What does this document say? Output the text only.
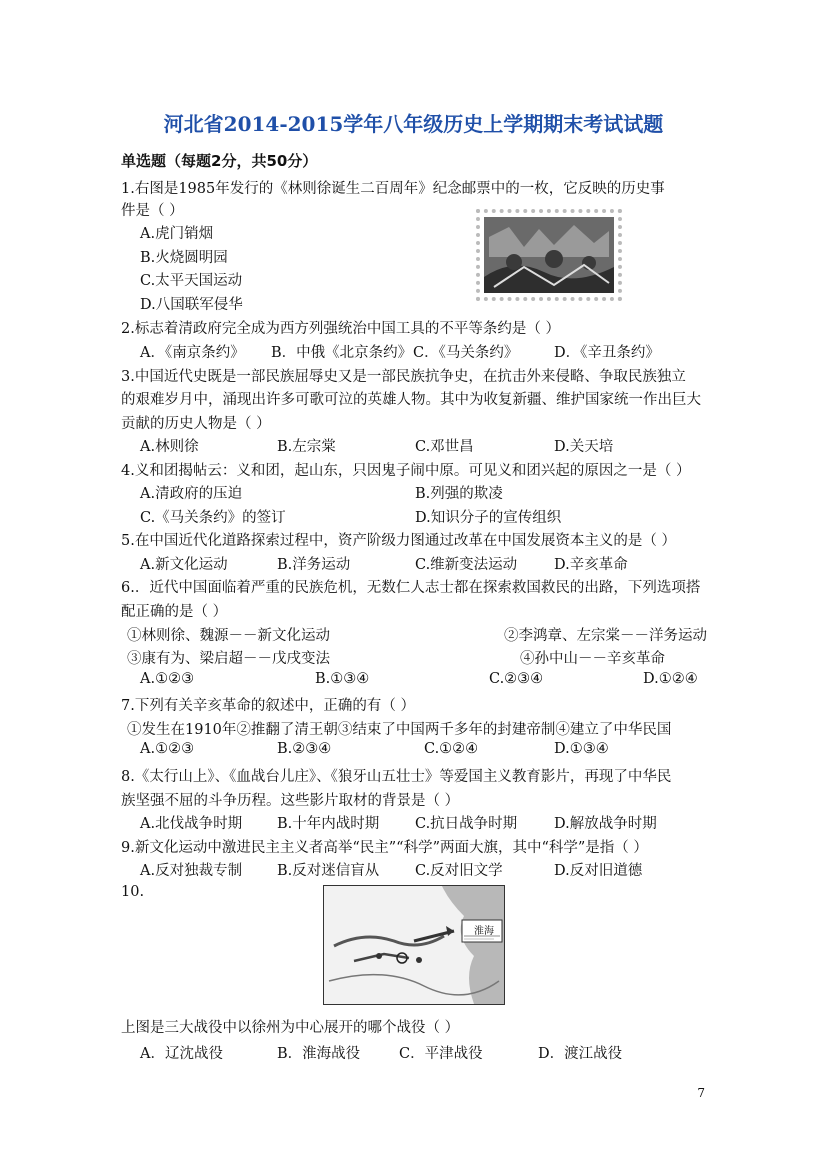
河北省2014-2015学年八年级历史上学期期末考试试题
单选题（每题2分，共50分）
1.右图是1985年发行的《林则徐诞生二百周年》纪念邮票中的一枚，它反映的历史事
件是（ ）
A.虎门销烟
B.火烧圆明园
C.太平天国运动
D.八国联军侵华
2.标志着清政府完全成为西方列强统治中国工具的不平等条约是（ ）
A．《南京条约》 B．中俄《北京条约》 C．《马关条约》 D．《辛丑条约》
3.中国近代史既是一部民族屈辱史又是一部民族抗争史，在抗击外来侵略、争取民族独立
的艰难岁月中，涌现出许多可歌可泣的英雄人物。其中为收复新疆、维护国家统一作出巨大
贡献的历史人物是（ ）
A.林则徐	B.左宗棠	C.邓世昌	D.关天培
4.义和团揭帖云：义和团，起山东，只因鬼子闹中原。可见义和团兴起的原因之一是（ ）
A.清政府的压迫	B.列强的欺凌
C.《马关条约》的签订	D.知识分子的宣传组织
5.在中国近代化道路探索过程中，资产阶级力图通过改革在中国发展资本主义的是（ ）
A.新文化运动	B.洋务运动	C.维新变法运动	D.辛亥革命
6.．近代中国面临着严重的民族危机，无数仁人志士都在探索救国救民的出路，下列选项搭
配正确的是（ ）
①林则徐、魏源－－新文化运动	②李鸿章、左宗棠－－洋务运动
③康有为、梁启超－－戊戌变法	④孙中山－－辛亥革命
A.①②③	B.①③④	C.②③④	D.①②④
7.下列有关辛亥革命的叙述中，正确的有（ ）
①发生在1910年②推翻了清王朝③结束了中国两千多年的封建帝制④建立了中华民国
A.①②③	B.②③④	C.①②④	D.①③④
8.《太行山上》、《血战台儿庄》、《狼牙山五壮士》等爱国主义教育影片，再现了中华民
族坚强不屈的斗争历程。这些影片取材的背景是（ ）
A.北伐战争时期 B.十年内战时期 C.抗日战争时期	D.解放战争时期
9.新文化运动中激进民主主义者高举“民主”“科学”两面大旗，其中“科学”是指（ ）
A.反对独裁专制 B.反对迷信盲从 C.反对旧文学	D.反对旧道德
10.
淮海
上图是三大战役中以徐州为中心展开的哪个战役（ ）
A．辽沈战役	B．淮海战役	C．平津战役	D．渡江战役
7
